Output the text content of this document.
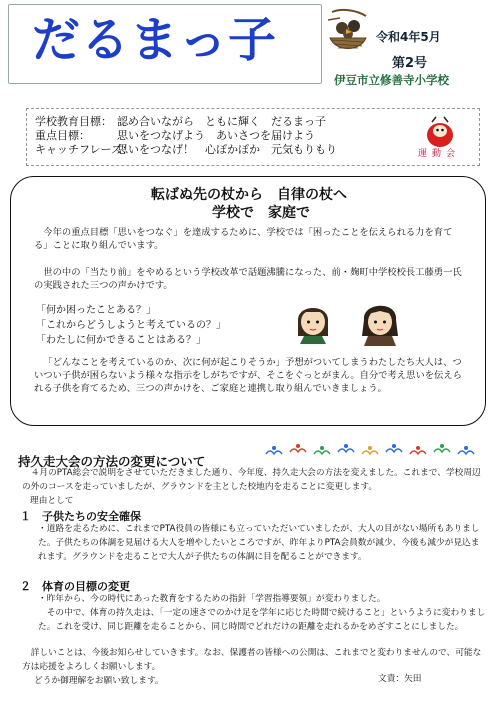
だるまっ子	令和4年5月
第2号
伊豆市立修善寺小学校
学校教育目標： 認め合いながら　ともに輝く　だるまっ子
重点目標： 思いをつなげよう　あいさつを届けよう
キャッチフレーズ：思いをつなげ！　心ぽかぽか　元気もりもり	運動会
転ばぬ先の杖から　自律の杖へ
学校で　家庭で
今年の重点目標「思いをつなぐ」を達成するために、学校では「困ったことを伝えられる力を育てる」ことに取り組んでいます。
世の中の「当たり前」をやめるという学校改革で話題沸騰になった、前・麹町中学校校長工藤勇一氏の実践された三つの声かけです。
「何か困ったことある？」
「これからどうしようと考えているの？」
「わたしに何かできることはある？」
「どんなことを考えているのか、次に何が起こりそうか」予想がついてしまうわたしたち大人は、ついつい子供が困らないよう様々な指示をしがちですが、そこをぐっとがまん。自分で考え思いを伝えられる子供を育てるため、三つの声かけを、ご家庭と連携し取り組んでいきましょう。
持久走大会の方法の変更について
４月のPTA総会で説明をさせていただきました通り、今年度、持久走大会の方法を変えました。これまで、学校周辺の外のコースを走っていましたが、グラウンドを主とした校地内を走ることに変更します。
理由として
１　子供たちの安全確保
・道路を走るために、これまでPTA役員の皆様にも立っていただいていましたが、大人の目がない場所もありました。子供たちの体調を見届ける大人を増やしたいところですが、昨年よりPTA会員数が減少、今後も減少が見込まれます。グラウンドを走ることで大人が子供たちの体調に目を配ることができます。
２　体育の目標の変更
・昨年から、今の時代にあった教育をするための指針「学習指導要領」が変わりました。
その中で、体育の持久走は、「一定の速さでのかけ足を学年に応じた時間で続けること」というように変わりました。これを受け、同じ距離を走ることから、同じ時間でどれだけの距離を走れるかをめざすことにしました。
詳しいことは、今後お知らせしていきます。なお、保護者の皆様への公開は、これまでと変わりませんので、可能な方は応援をよろしくお願いします。
どうか御理解をお願い致します。	文責：矢田
